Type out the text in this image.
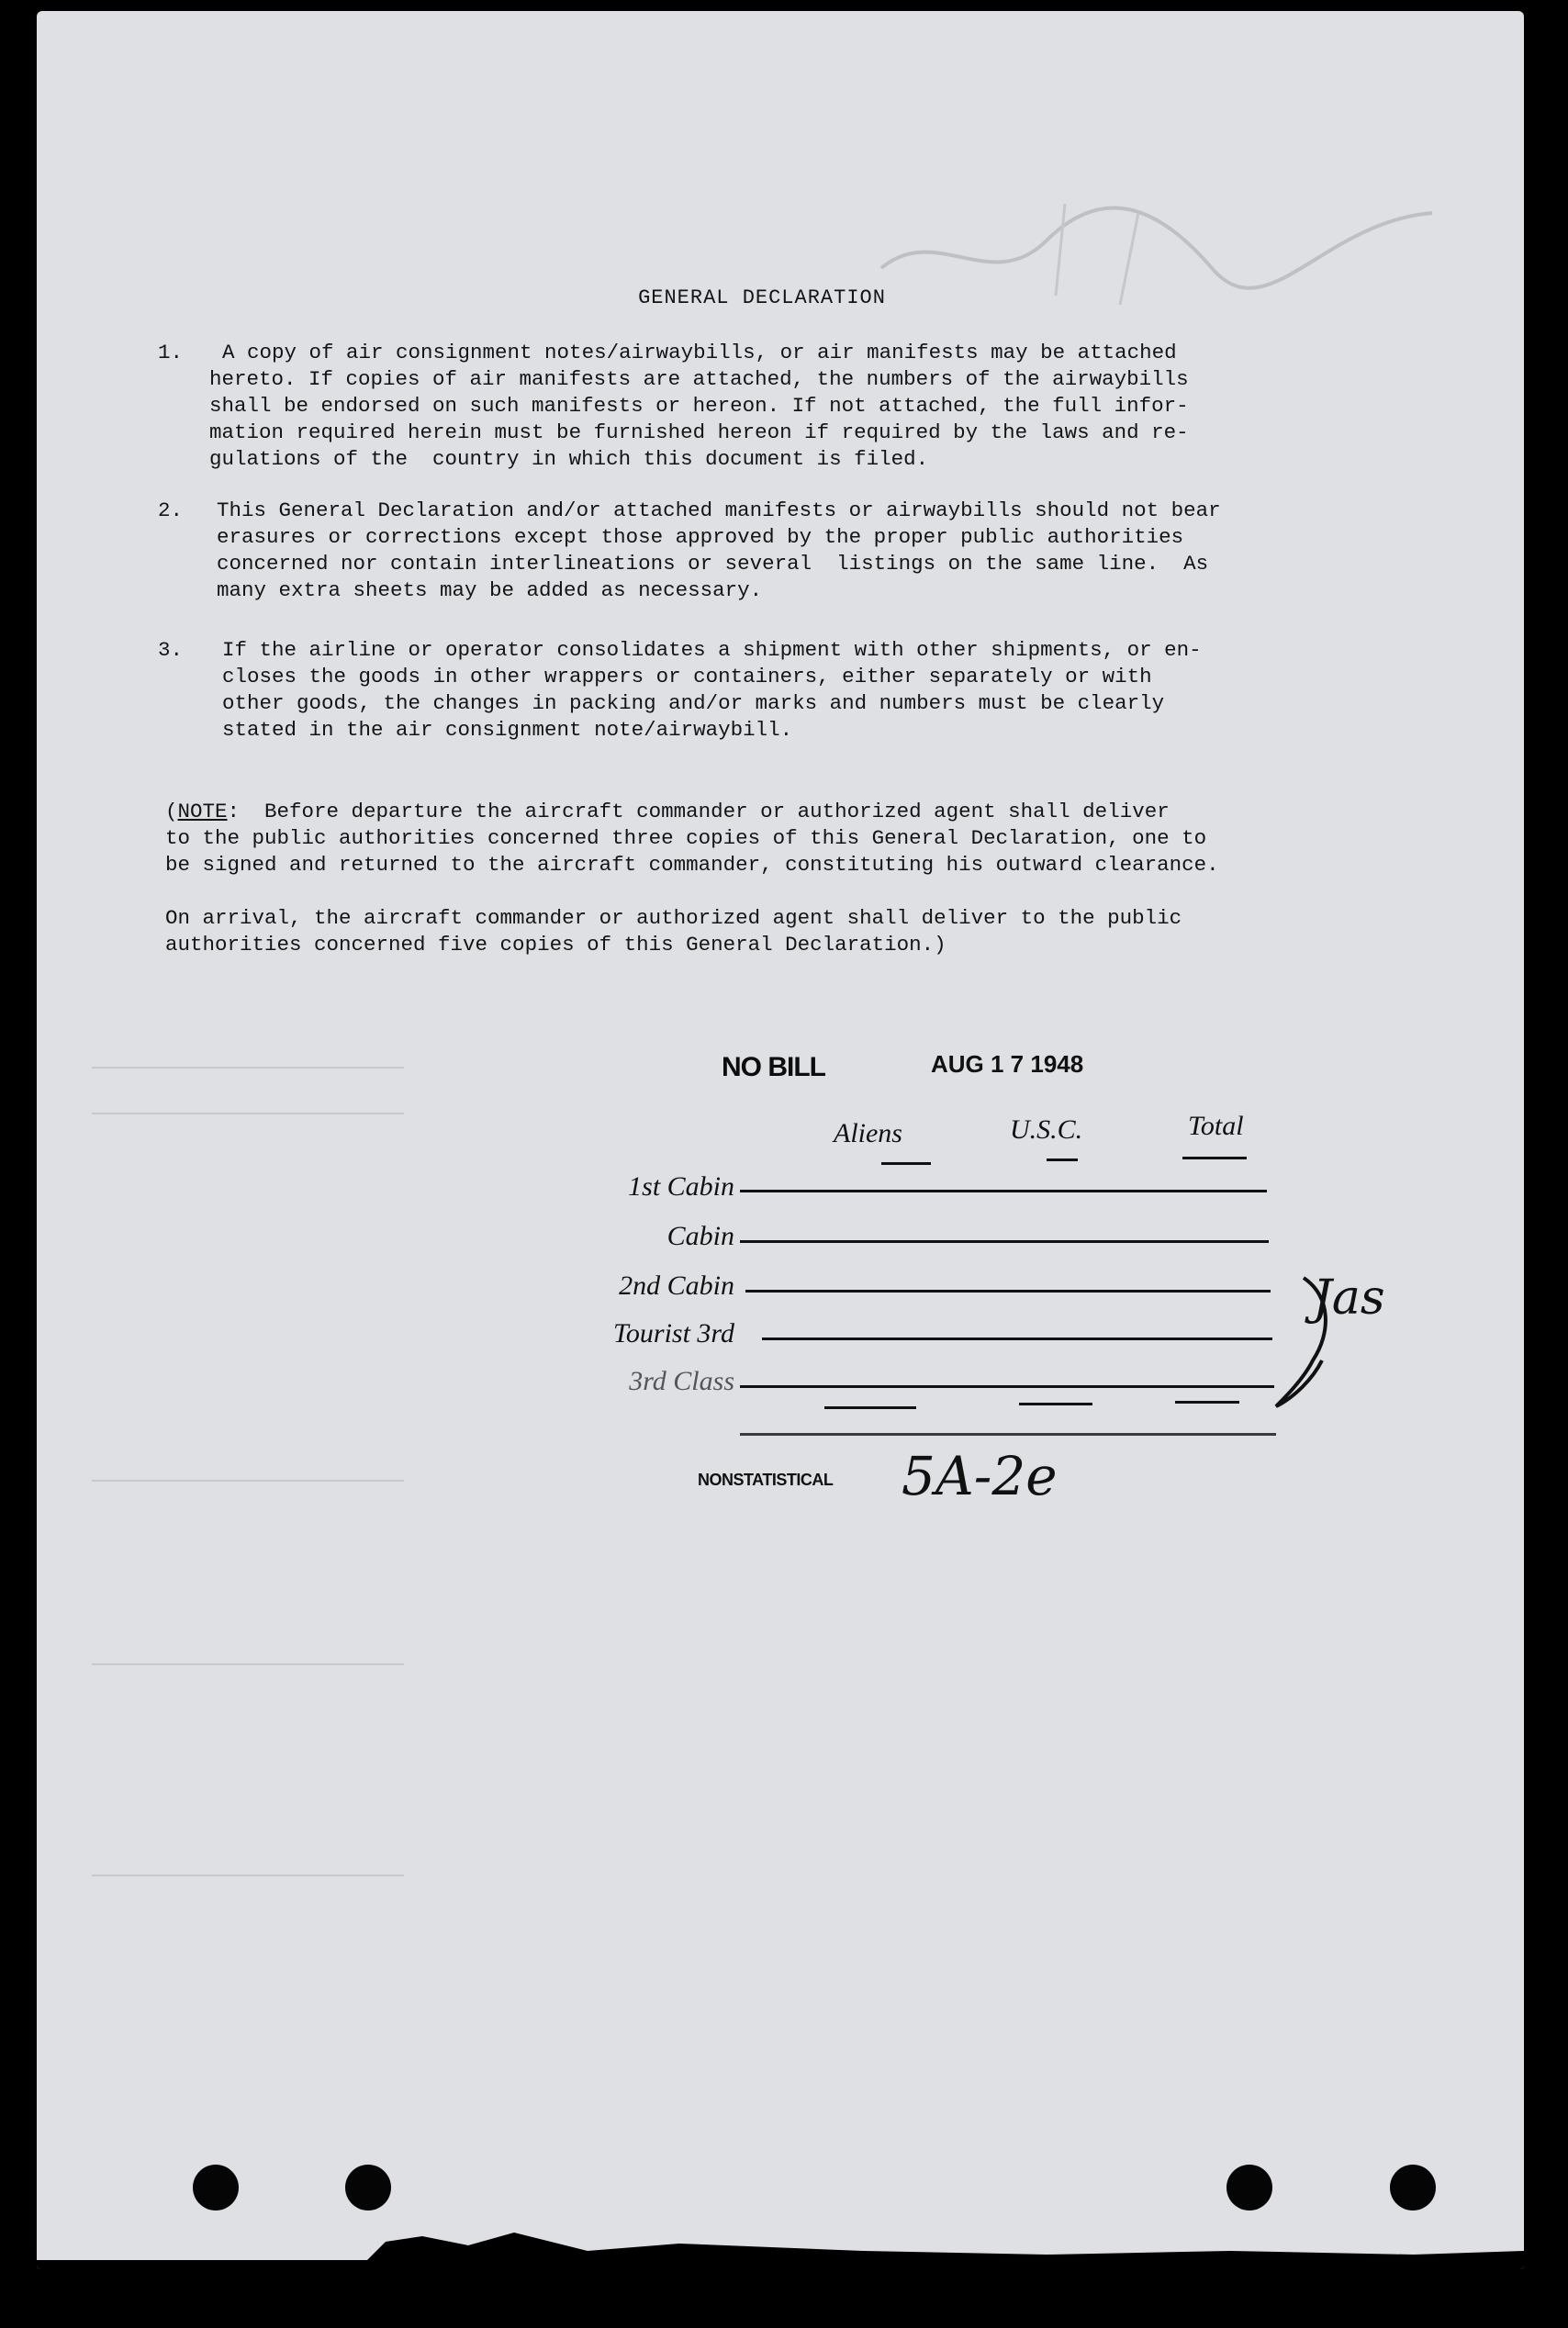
GENERAL DECLARATION
1. A copy of air consignment notes/airwaybills, or air manifests may be attached
hereto. If copies of air manifests are attached, the numbers of the airwaybills
shall be endorsed on such manifests or hereon. If not attached, the full infor-
mation required herein must be furnished hereon if required by the laws and re-
gulations of the  country in which this document is filed.
2. This General Declaration and/or attached manifests or airwaybills should not bear
erasures or corrections except those approved by the proper public authorities
concerned nor contain interlineations or several  listings on the same line.  As
many extra sheets may be added as necessary.
3. If the airline or operator consolidates a shipment with other shipments, or en-
closes the goods in other wrappers or containers, either separately or with
other goods, the changes in packing and/or marks and numbers must be clearly
stated in the air consignment note/airwaybill.
(NOTE:  Before departure the aircraft commander or authorized agent shall deliver
to the public authorities concerned three copies of this General Declaration, one to
be signed and returned to the aircraft commander, constituting his outward clearance.
On arrival, the aircraft commander or authorized agent shall deliver to the public
authorities concerned five copies of this General Declaration.)
NO BILL	AUG 1 7 1948
Aliens	U.S.C.	Total
1st Cabin
Cabin
2nd Cabin
Tourist 3rd
3rd Class
NONSTATISTICAL 5A-2e
Jas
